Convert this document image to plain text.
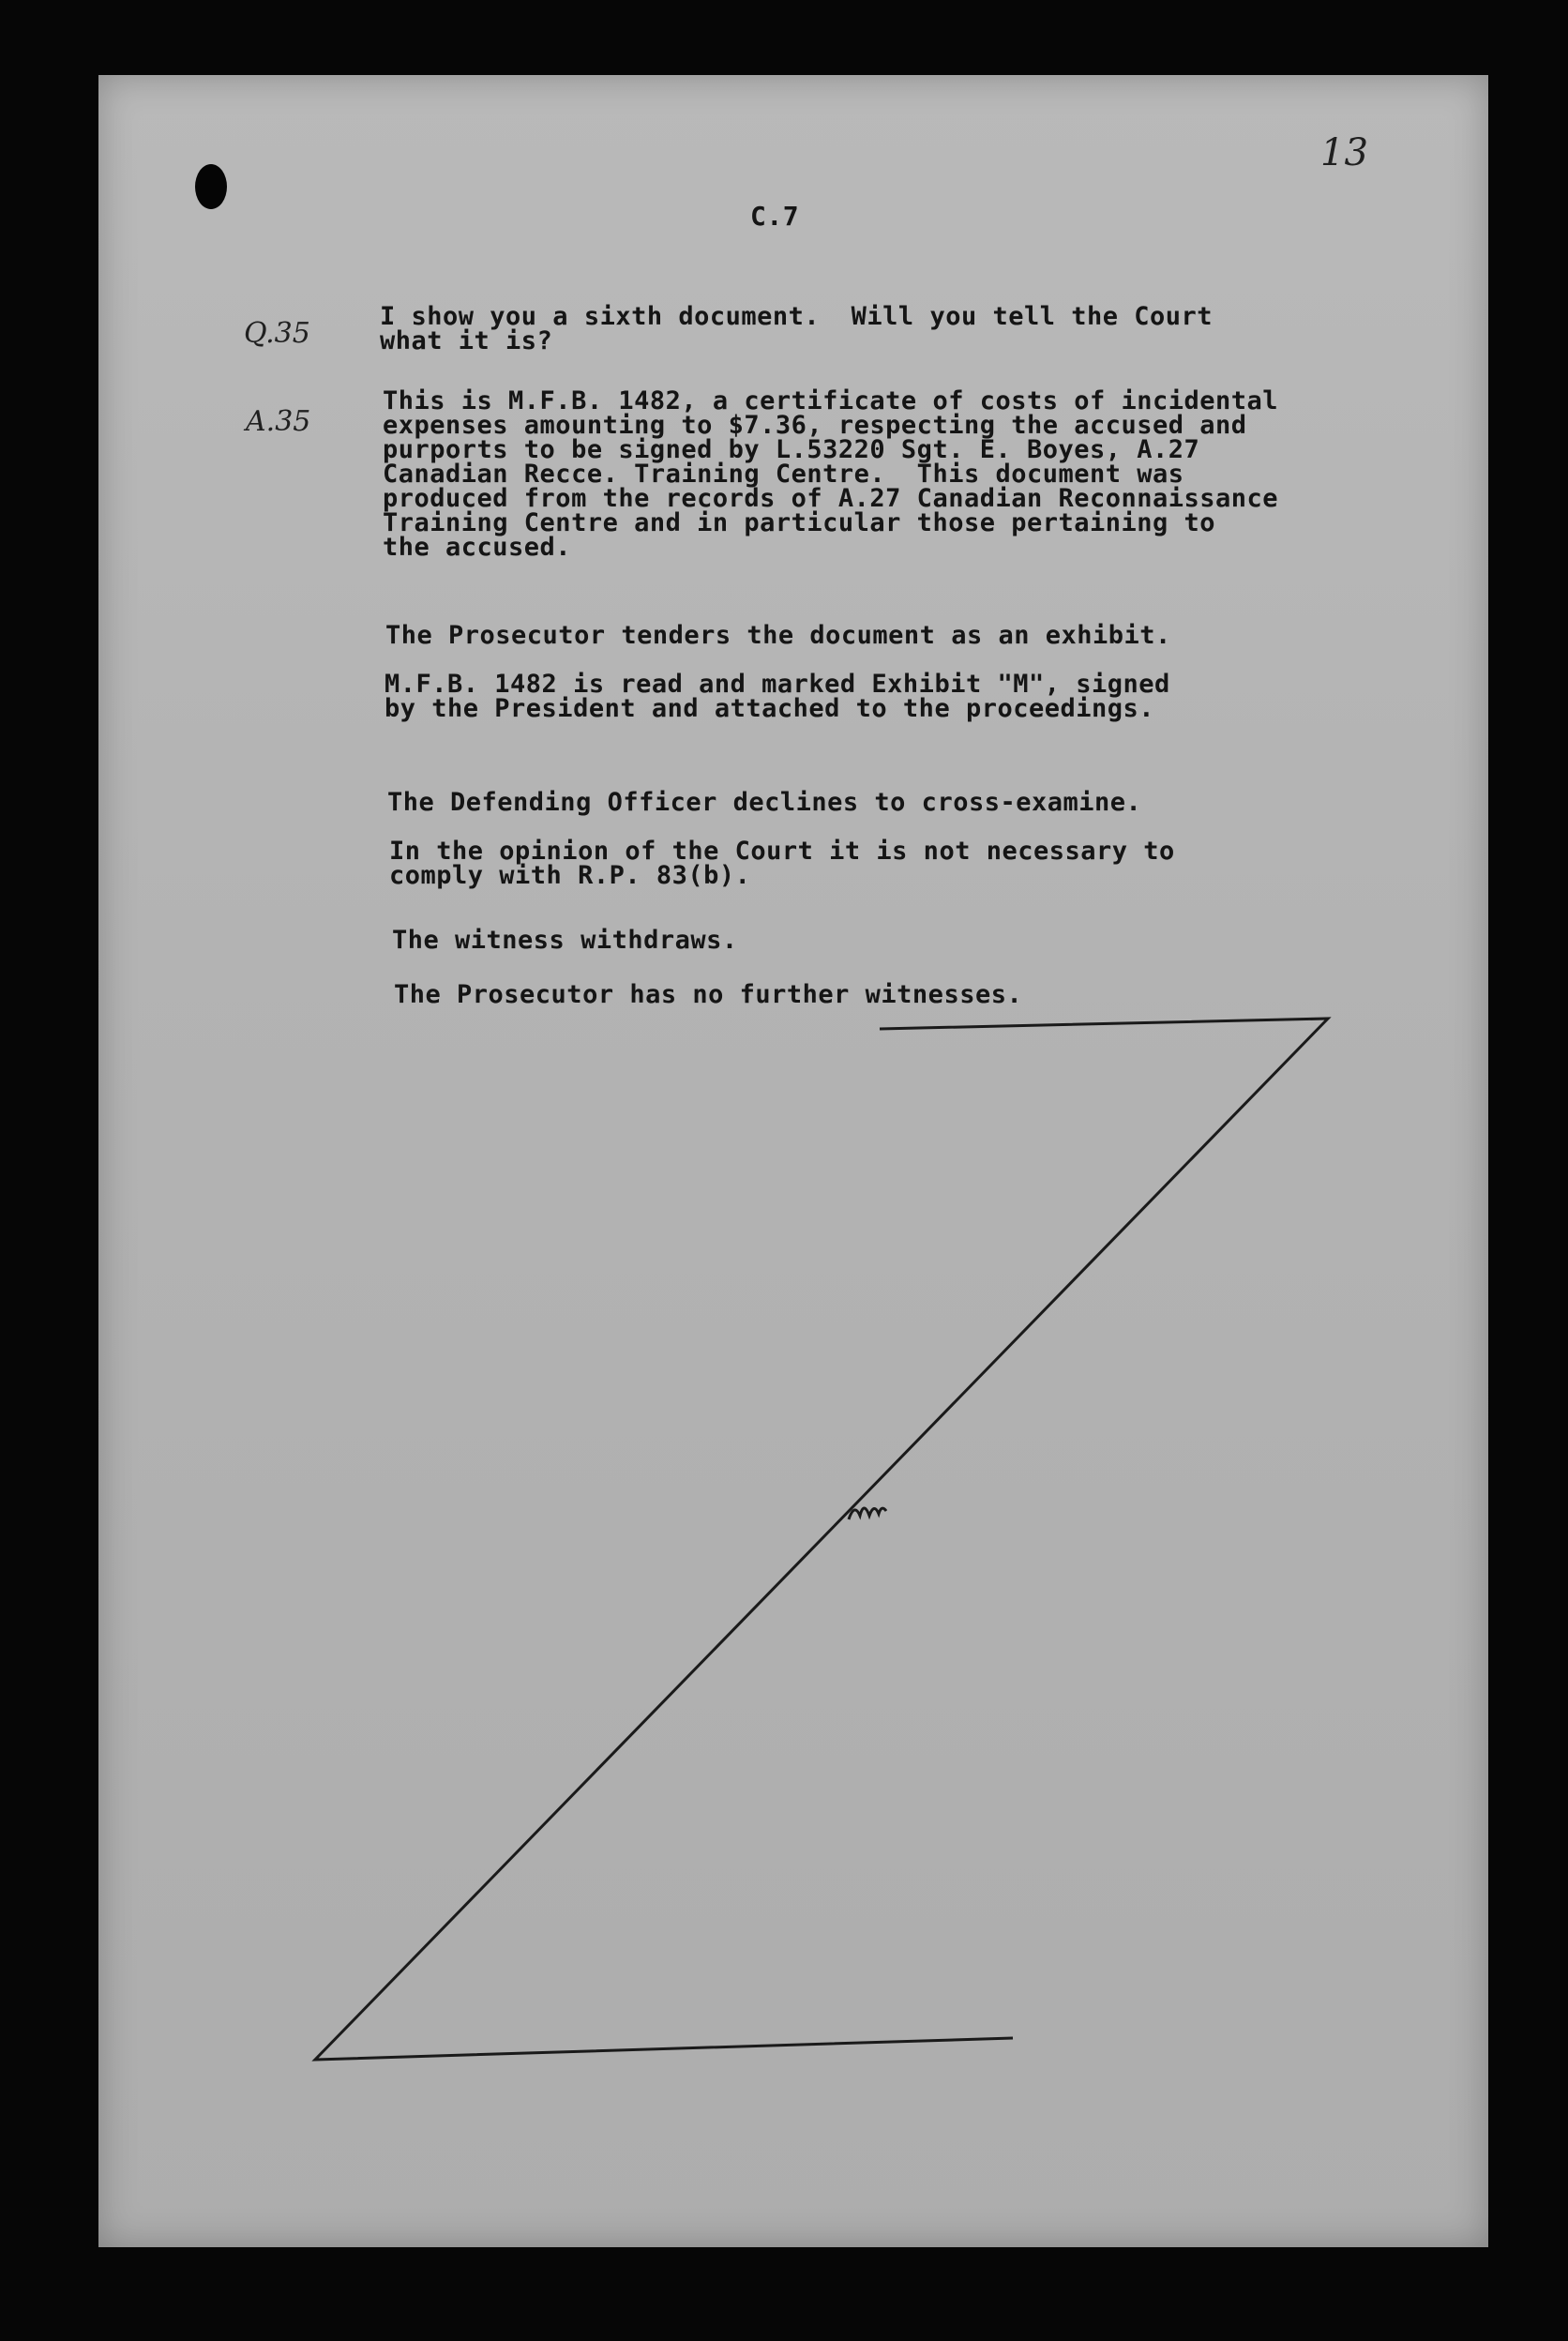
13
C.7
Q.35
I show you a sixth document.  Will you tell the Court
what it is?
A.35
This is M.F.B. 1482, a certificate of costs of incidental
expenses amounting to $7.36, respecting the accused and
purports to be signed by L.53220 Sgt. E. Boyes, A.27
Canadian Recce. Training Centre.  This document was
produced from the records of A.27 Canadian Reconnaissance
Training Centre and in particular those pertaining to
the accused.
The Prosecutor tenders the document as an exhibit.
M.F.B. 1482 is read and marked Exhibit "M", signed
by the President and attached to the proceedings.
The Defending Officer declines to cross-examine.
In the opinion of the Court it is not necessary to
comply with R.P. 83(b).
The witness withdraws.
The Prosecutor has no further witnesses.
